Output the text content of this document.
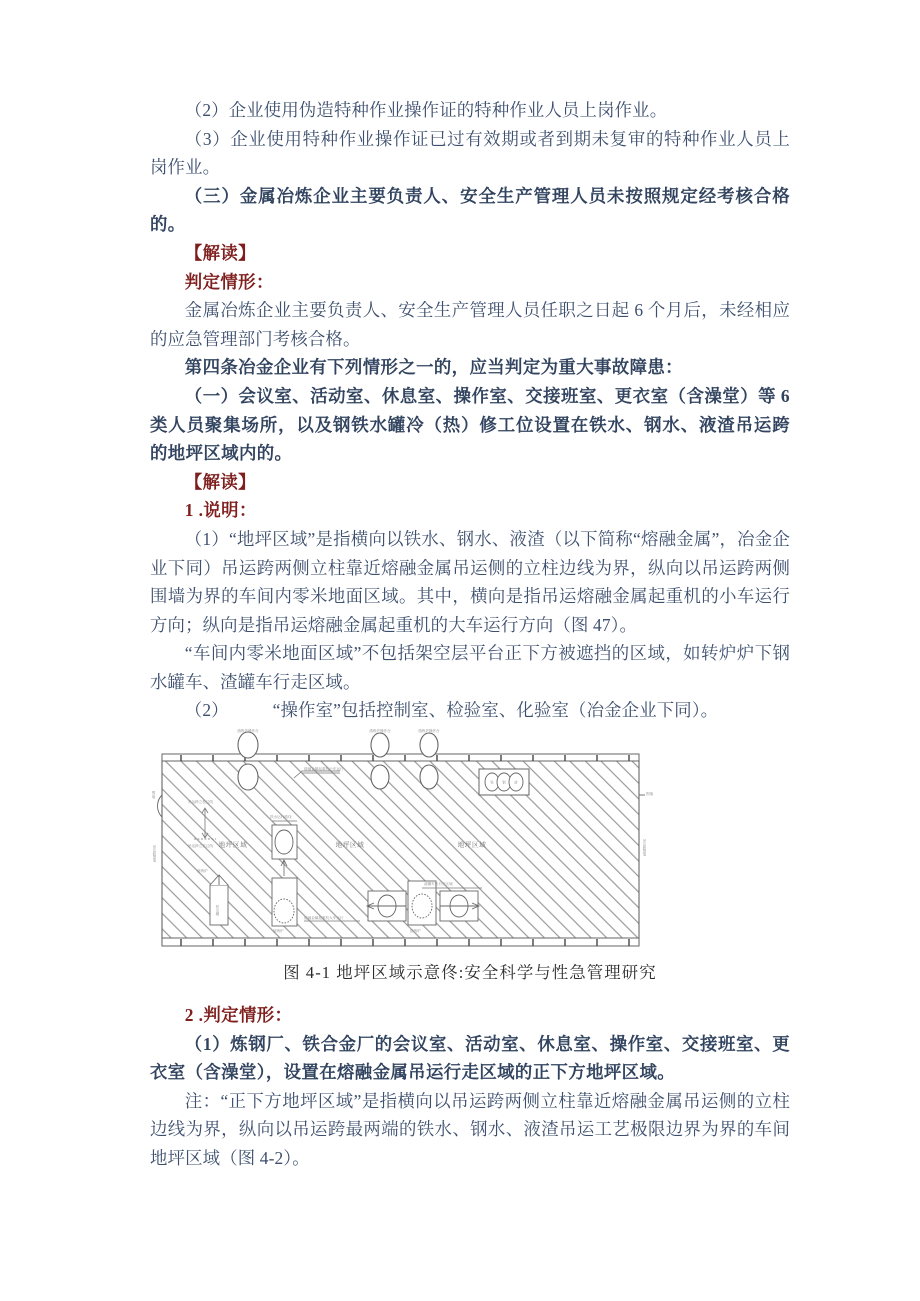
（2）企业使用伪造特种作业操作证的特种作业人员上岗作业。

（3）企业使用特种作业操作证已过有效期或者到期未复审的特种作业人员上岗作业。

（三）金属冶炼企业主要负责人、安全生产管理人员未按照规定经考核合格的。

【解读】

判定情形：

金属冶炼企业主要负责人、安全生产管理人员任职之日起 6 个月后，未经相应的应急管理部门考核合格。

第四条冶金企业有下列情形之一的，应当判定为重大事故障患：

（一）会议室、活动室、休息室、操作室、交接班室、更衣室（含澡堂）等 6 类人员聚集场所，以及钢铁水罐冷（热）修工位设置在铁水、钢水、液渣吊运跨的地坪区域内的。

【解读】

1 .说明：

（1）“地坪区域”是指横向以铁水、钢水、液渣（以下简称“熔融金属”，冶金企业下同）吊运跨两侧立柱靠近熔融金属吊运侧的立柱边线为界，纵向以吊运跨两侧围墙为界的车间内零米地面区域。其中，横向是指吊运熔融金属起重机的小车运行方向；纵向是指吊运熔融金属起重机的大车运行方向（图 47）。

“车间内零米地面区域”不包括架空层平台正下方被遮挡的区域，如转炉炉下钢水罐车、渣罐车行走区域。

（2）　　　“操作室”包括控制室、检验室、化验室（冶金企业下同）。

熔炼炉操作台	熔炼炉操作台	熔炼炉操作台
铁	钢	渣
熔融金属起重机小车运行
吊运跨立柱边线
吊运跨立柱边线
熔炼炉
铁水罐
铁水运行路线
熔炼炉
熔融金属起重机大车运行
渣罐车运行走区域
熔炼炉
围墙
吊运跨围墙
围墙
吊运跨围墙
地坪区域	地坪区域	地坪区域
图 4-1 地坪区域示意佟:安全科学与性急管理研究

2 .判定情形：

（1）炼钢厂、铁合金厂的会议室、活动室、休息室、操作室、交接班室、更衣室（含澡堂），设置在熔融金属吊运行走区域的正下方地坪区域。

注：“正下方地坪区域”是指横向以吊运跨两侧立柱靠近熔融金属吊运侧的立柱边线为界，纵向以吊运跨最两端的铁水、钢水、液渣吊运工艺极限边界为界的车间地坪区域（图 4-2）。
